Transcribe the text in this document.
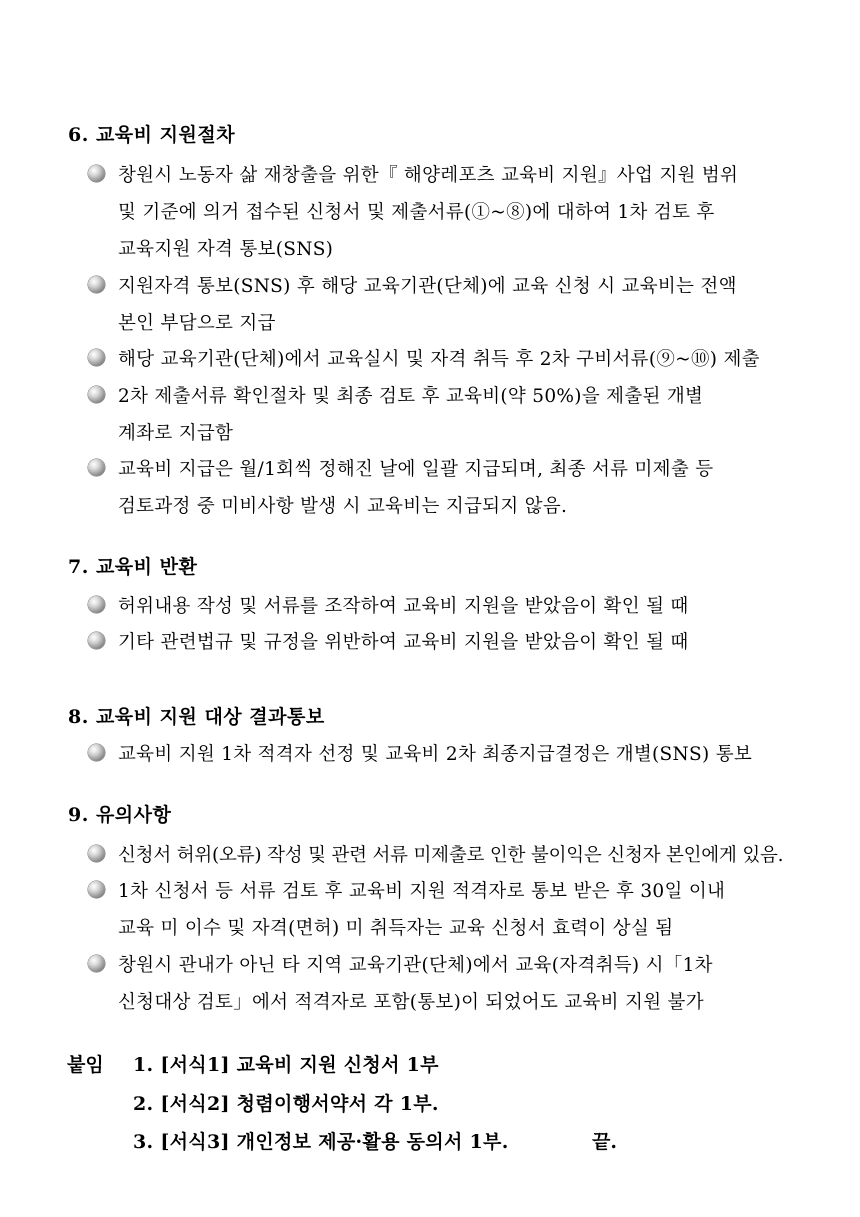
6. 교육비 지원절차
창원시 노동자 삶 재창출을 위한『 해양레포츠 교육비 지원』사업 지원 범위
및 기준에 의거 접수된 신청서 및 제출서류(①~⑧)에 대하여 1차 검토 후
교육지원 자격 통보(SNS)
지원자격 통보(SNS) 후 해당 교육기관(단체)에 교육 신청 시 교육비는 전액
본인 부담으로 지급
해당 교육기관(단체)에서 교육실시 및 자격 취득 후 2차 구비서류(⑨~⑩) 제출
2차 제출서류 확인절차 및 최종 검토 후 교육비(약 50%)을 제출된 개별
계좌로 지급함
교육비 지급은 월/1회씩 정해진 날에 일괄 지급되며, 최종 서류 미제출 등
검토과정 중 미비사항 발생 시 교육비는 지급되지 않음.
7. 교육비 반환
허위내용 작성 및 서류를 조작하여 교육비 지원을 받았음이 확인 될 때
기타 관련법규 및 규정을 위반하여 교육비 지원을 받았음이 확인 될 때
8. 교육비 지원 대상 결과통보
교육비 지원 1차 적격자 선정 및 교육비 2차 최종지급결정은 개별(SNS) 통보
9. 유의사항
신청서 허위(오류) 작성 및 관련 서류 미제출로 인한 불이익은 신청자 본인에게 있음.
1차 신청서 등 서류 검토 후 교육비 지원 적격자로 통보 받은 후 30일 이내
교육 미 이수 및 자격(면허) 미 취득자는 교육 신청서 효력이 상실 됨
창원시 관내가 아닌 타 지역 교육기관(단체)에서 교육(자격취득) 시「1차
신청대상 검토」에서 적격자로 포함(통보)이 되었어도 교육비 지원 불가
붙임 1. [서식1] 교육비 지원 신청서 1부
2. [서식2] 청렴이행서약서 각 1부.
3. [서식3] 개인정보 제공·활용 동의서 1부.	끝.
